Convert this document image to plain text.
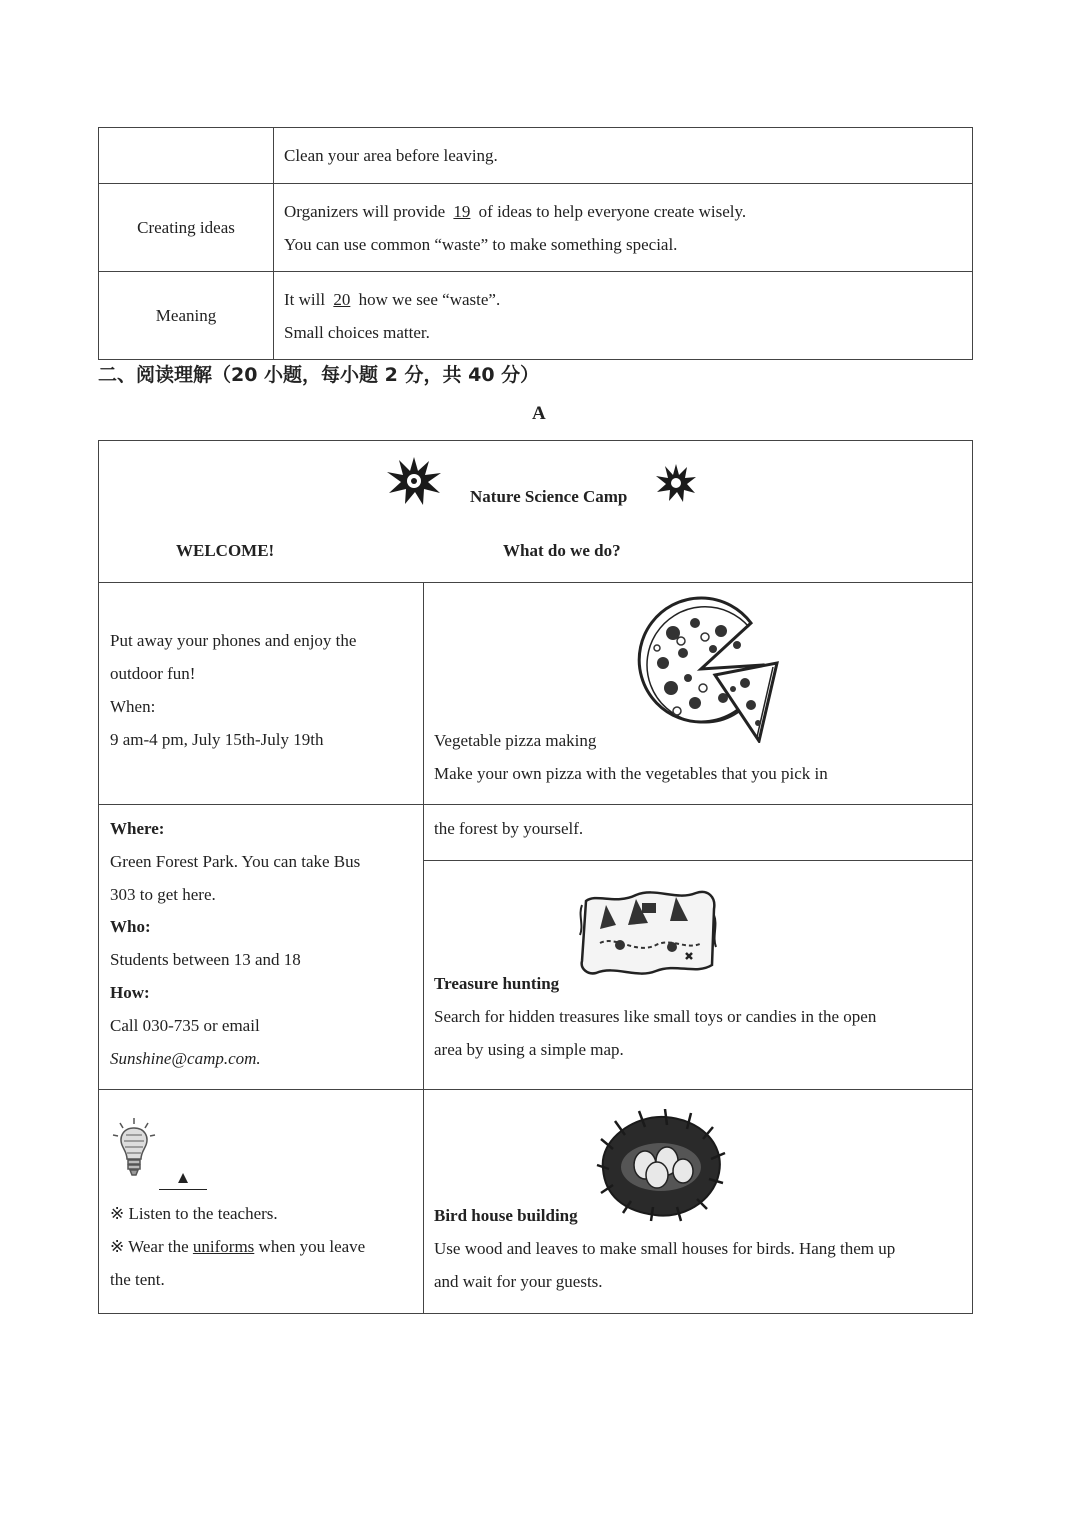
	Clean your area before leaving.
Creating ideas	Organizers will provide 19 of ideas to help everyone create wisely.
You can use common “waste” to make something special.
Meaning	It will 20 how we see “waste”.
Small choices matter.
二、阅读理解（20 小题，每小题 2 分，共 40 分）
A
Nature Science Camp
WELCOME!	What do we do?
Put away your phones and enjoy the
outdoor fun!
When:
9 am-4 pm, July 15th-July 19th
Where:
Green Forest Park. You can take Bus
303 to get here.
Who:
Students between 13 and 18
How:
Call 030-735 or email
Sunshine@camp.com.
▲
※ Listen to the teachers.
※ Wear the uniforms when you leave
the tent.
Vegetable pizza making
Make your own pizza with the vegetables that you pick in
the forest by yourself.
Treasure hunting
Search for hidden treasures like small toys or candies in the open
area by using a simple map.
Bird house building
Use wood and leaves to make small houses for birds. Hang them up
and wait for your guests.
